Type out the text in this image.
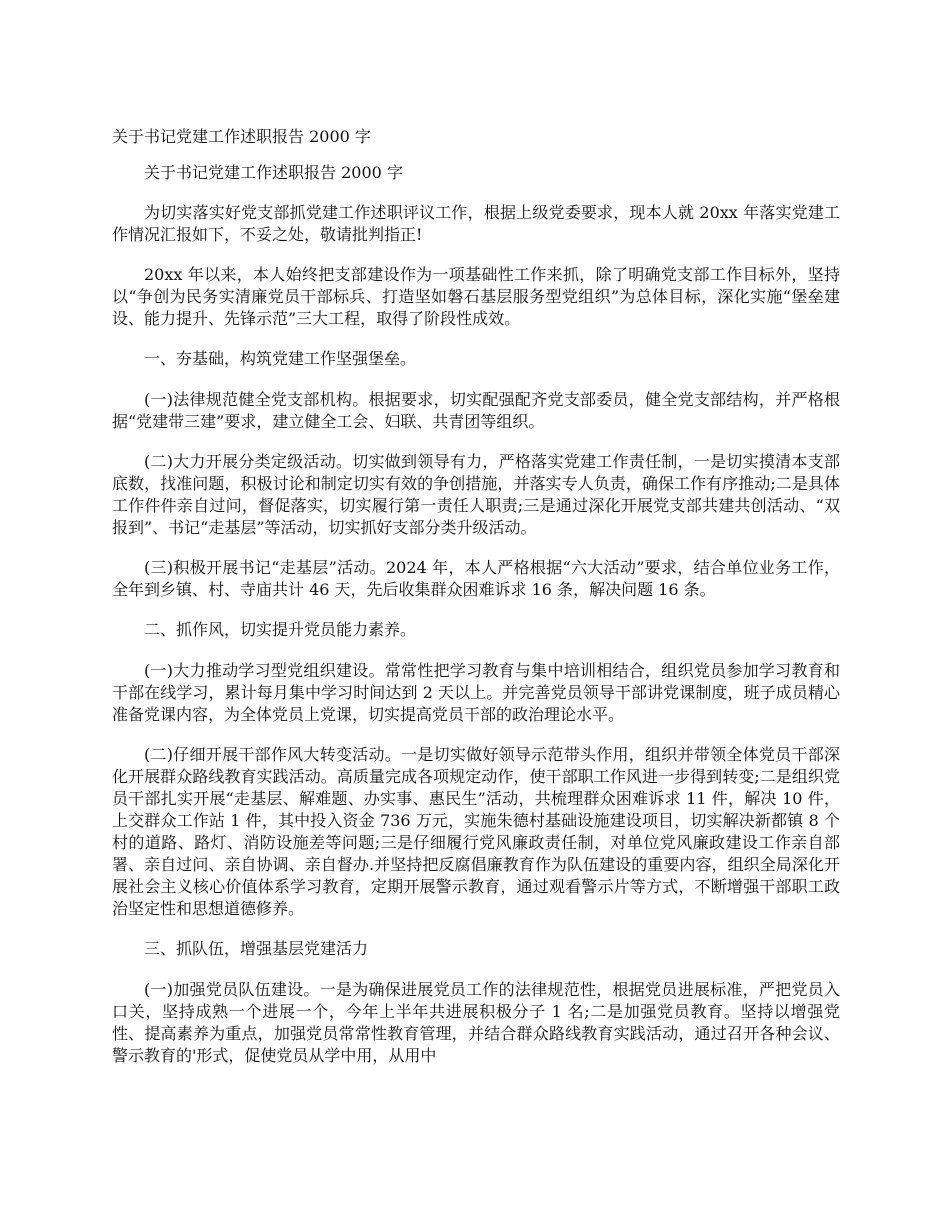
关于书记党建工作述职报告 2000 字

关于书记党建工作述职报告 2000 字

为切实落实好党支部抓党建工作述职评议工作，根据上级党委要求，现本人就 20xx 年落实党建工作情况汇报如下，不妥之处，敬请批判指正!

20xx 年以来，本人始终把支部建设作为一项基础性工作来抓，除了明确党支部工作目标外，坚持以“争创为民务实清廉党员干部标兵、打造坚如磐石基层服务型党组织”为总体目标，深化实施“堡垒建设、能力提升、先锋示范”三大工程，取得了阶段性成效。

一、夯基础，构筑党建工作坚强堡垒。

(一)法律规范健全党支部机构。根据要求，切实配强配齐党支部委员，健全党支部结构，并严格根据“党建带三建”要求，建立健全工会、妇联、共青团等组织。

(二)大力开展分类定级活动。切实做到领导有力，严格落实党建工作责任制，一是切实摸清本支部底数，找准问题，积极讨论和制定切实有效的争创措施，并落实专人负责，确保工作有序推动;二是具体工作件件亲自过问，督促落实，切实履行第一责任人职责;三是通过深化开展党支部共建共创活动、“双报到”、书记“走基层”等活动，切实抓好支部分类升级活动。

(三)积极开展书记“走基层”活动。2024 年，本人严格根据“六大活动”要求，结合单位业务工作，全年到乡镇、村、寺庙共计 46 天，先后收集群众困难诉求 16 条，解决问题 16 条。

二、抓作风，切实提升党员能力素养。

(一)大力推动学习型党组织建设。常常性把学习教育与集中培训相结合，组织党员参加学习教育和干部在线学习，累计每月集中学习时间达到 2 天以上。并完善党员领导干部讲党课制度，班子成员精心准备党课内容，为全体党员上党课，切实提高党员干部的政治理论水平。

(二)仔细开展干部作风大转变活动。一是切实做好领导示范带头作用，组织并带领全体党员干部深化开展群众路线教育实践活动。高质量完成各项规定动作，使干部职工作风进一步得到转变;二是组织党员干部扎实开展“走基层、解难题、办实事、惠民生”活动，共梳理群众困难诉求 11 件，解决 10 件，上交群众工作站 1 件，其中投入资金 736 万元，实施朱德村基础设施建设项目，切实解决新都镇 8 个村的道路、路灯、消防设施差等问题;三是仔细履行党风廉政责任制，对单位党风廉政建设工作亲自部署、亲自过问、亲自协调、亲自督办.并坚持把反腐倡廉教育作为队伍建设的重要内容，组织全局深化开展社会主义核心价值体系学习教育，定期开展警示教育，通过观看警示片等方式，不断增强干部职工政治坚定性和思想道德修养。

三、抓队伍，增强基层党建活力

(一)加强党员队伍建设。一是为确保进展党员工作的法律规范性，根据党员进展标准，严把党员入口关，坚持成熟一个进展一个，今年上半年共进展积极分子 1 名;二是加强党员教育。坚持以增强党性、提高素养为重点，加强党员常常性教育管理，并结合群众路线教育实践活动，通过召开各种会议、警示教育的'形式，促使党员从学中用，从用中
